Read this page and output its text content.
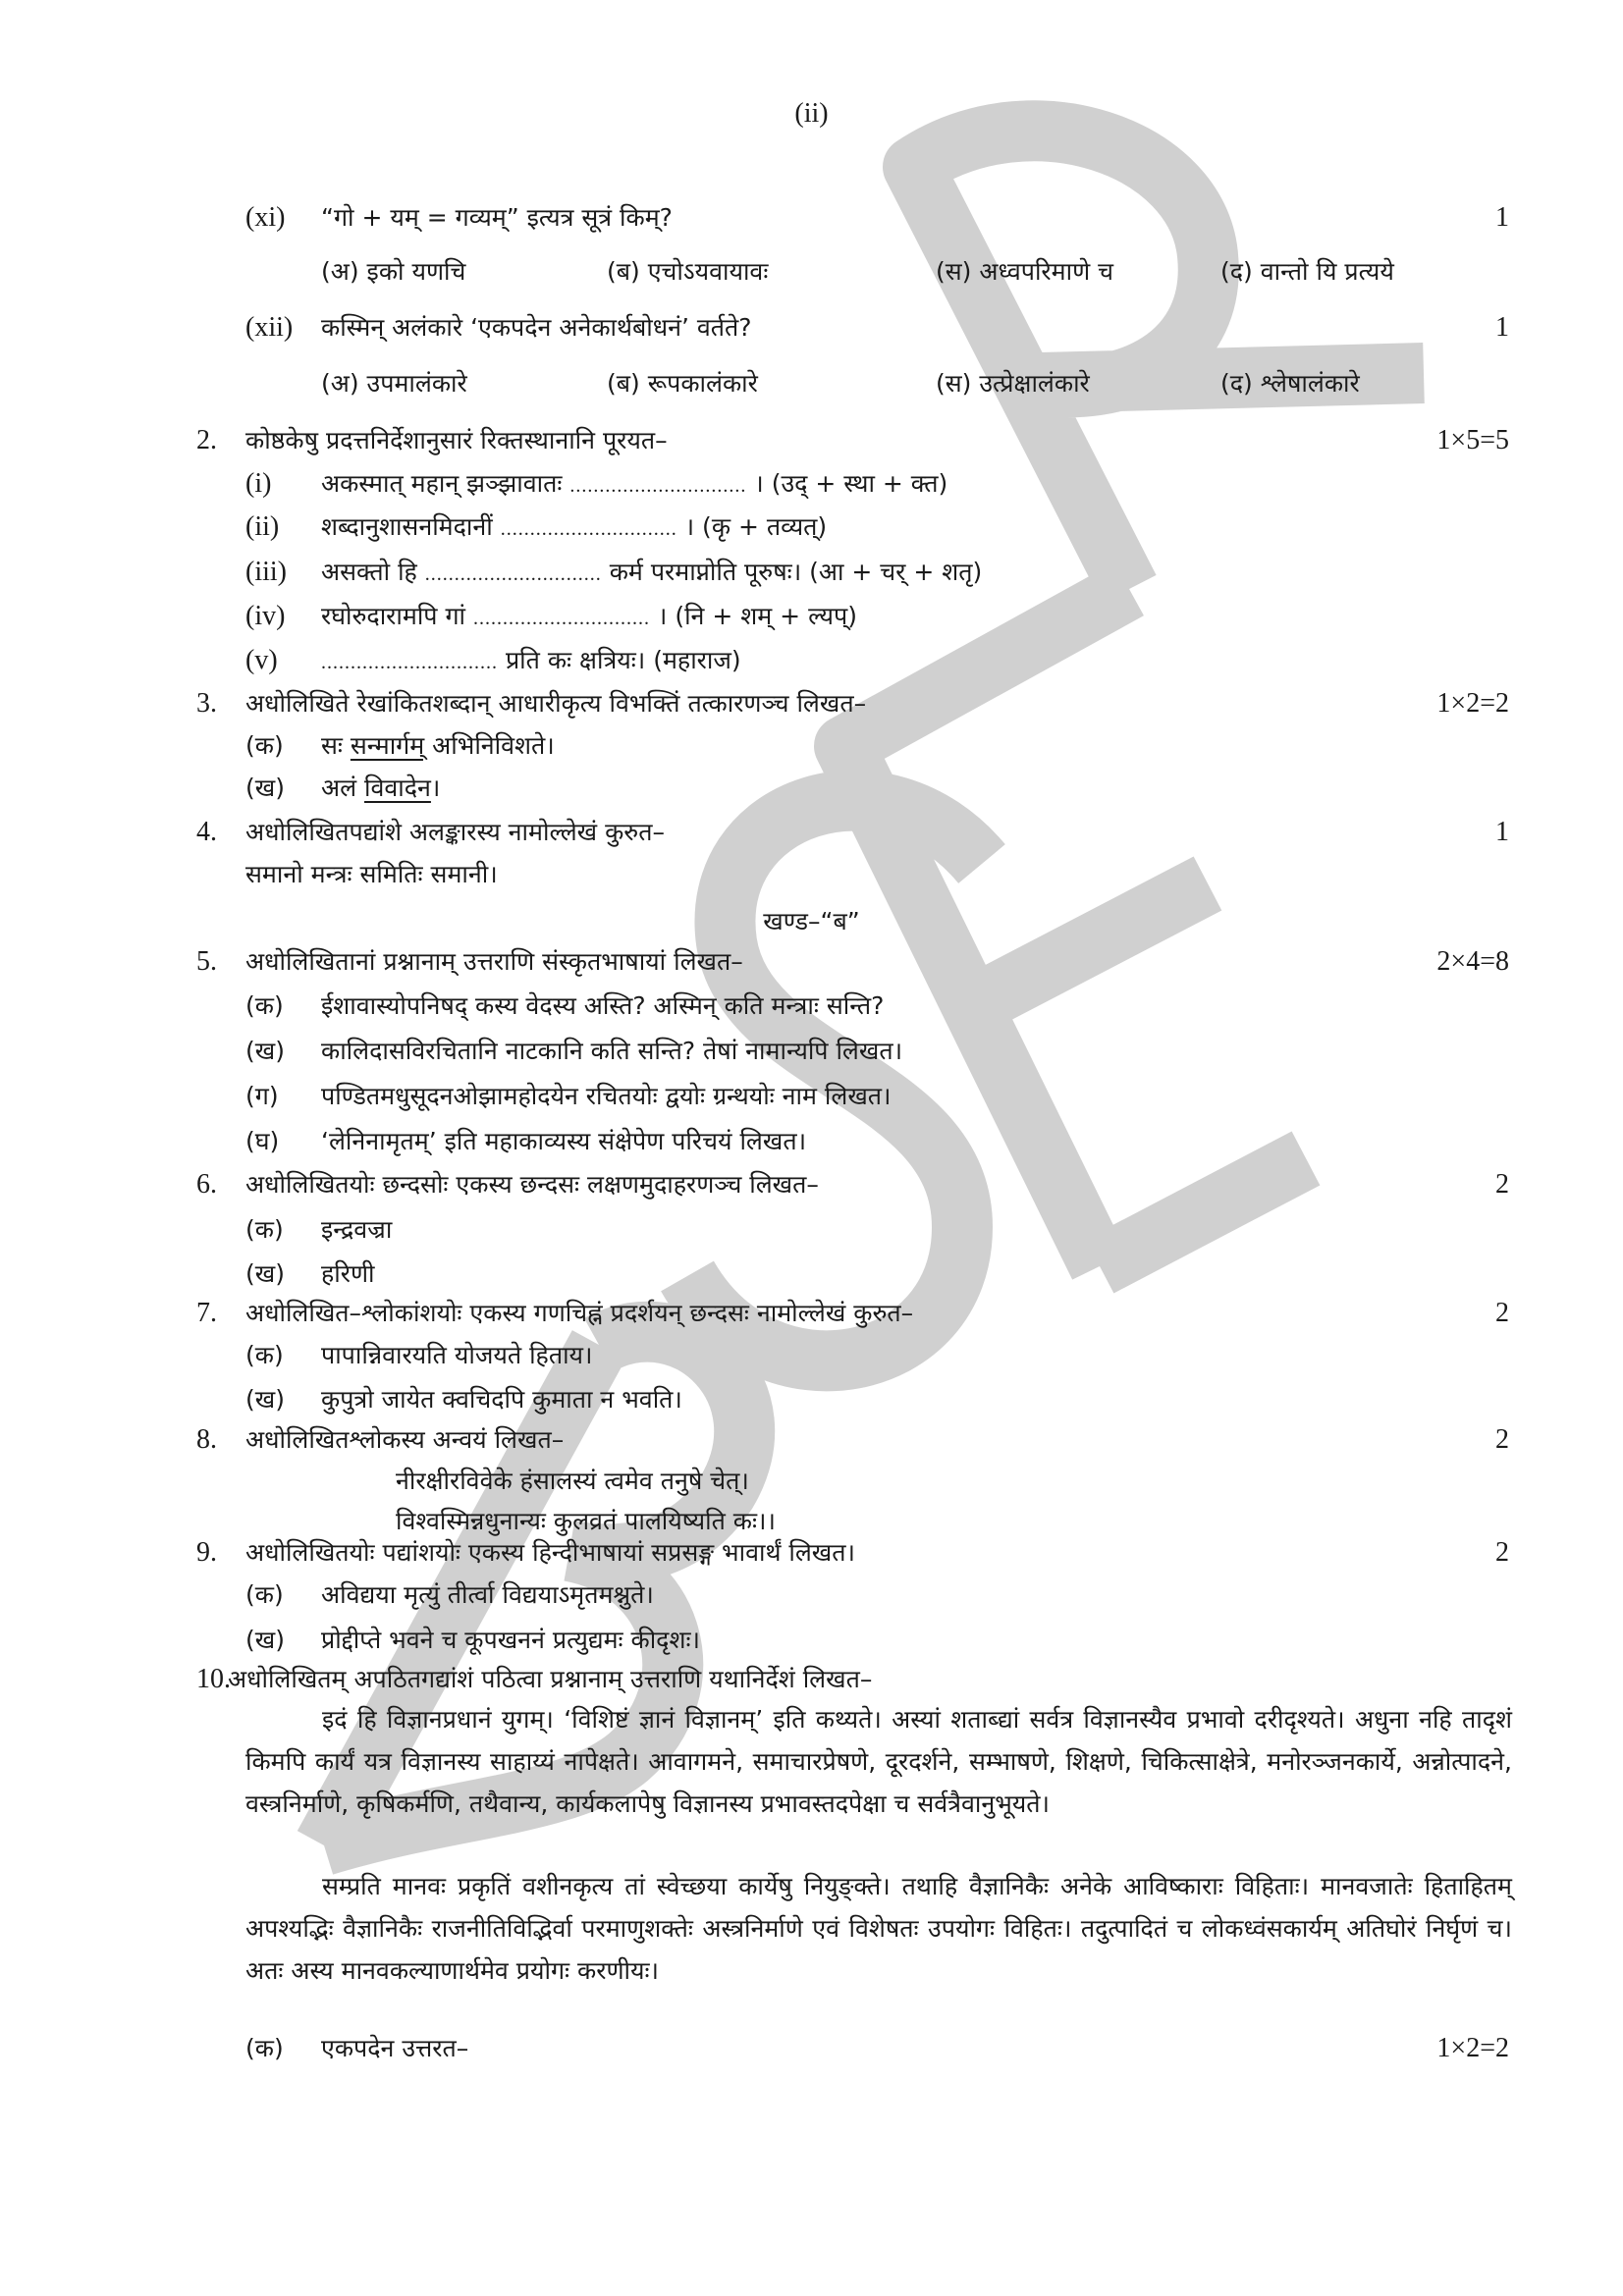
(ii)
(xi) “गो + यम् = गव्यम्” इत्यत्र सूत्रं किम्?	1
(अ) इको यणचि	(ब) एचोऽयवायावः	(स) अध्वपरिमाणे च	(द) वान्तो यि प्रत्यये
(xii) कस्मिन् अलंकारे ‘एकपदेन अनेकार्थबोधनं’ वर्तते?	1
(अ) उपमालंकारे	(ब) रूपकालंकारे	(स) उत्प्रेक्षालंकारे	(द) श्लेषालंकारे
2. कोष्ठकेषु प्रदत्तनिर्देशानुसारं रिक्तस्थानानि पूरयत–	1×5=5
(i) अकस्मात् महान् झञ्झावातः .............................. । (उद् + स्था + क्त)
(ii) शब्दानुशासनमिदानीं .............................. । (कृ + तव्यत्)
(iii) असक्तो हि .............................. कर्म परमाप्नोति पूरुषः। (आ + चर् + शतृ)
(iv) रघोरुदारामपि गां .............................. । (नि + शम् + ल्यप्)
(v) .............................. प्रति कः क्षत्रियः। (महाराज)
3. अधोलिखिते रेखांकितशब्दान् आधारीकृत्य विभक्तिं तत्कारणञ्च लिखत–	1×2=2
(क) सः सन्मार्गम् अभिनिविशते।
(ख) अलं विवादेन।
4. अधोलिखितपद्यांशे अलङ्कारस्य नामोल्लेखं कुरुत–	1
समानो मन्त्रः समितिः समानी।
खण्ड–“ब”
5. अधोलिखितानां प्रश्नानाम् उत्तराणि संस्कृतभाषायां लिखत–	2×4=8
(क) ईशावास्योपनिषद् कस्य वेदस्य अस्ति? अस्मिन् कति मन्त्राः सन्ति?
(ख) कालिदासविरचितानि नाटकानि कति सन्ति? तेषां नामान्यपि लिखत।
(ग) पण्डितमधुसूदनओझामहोदयेन रचितयोः द्वयोः ग्रन्थयोः नाम लिखत।
(घ) ‘लेनिनामृतम्’ इति महाकाव्यस्य संक्षेपेण परिचयं लिखत।
6. अधोलिखितयोः छन्दसोः एकस्य छन्दसः लक्षणमुदाहरणञ्च लिखत–	2
(क) इन्द्रवज्रा
(ख) हरिणी
7. अधोलिखित–श्लोकांशयोः एकस्य गणचिह्नं प्रदर्शयन् छन्दसः नामोल्लेखं कुरुत–	2
(क) पापान्निवारयति योजयते हिताय।
(ख) कुपुत्रो जायेत क्वचिदपि कुमाता न भवति।
8. अधोलिखितश्लोकस्य अन्वयं लिखत–	2
नीरक्षीरविवेके हंसालस्यं त्वमेव तनुषे चेत्।
विश्वस्मिन्नधुनान्यः कुलव्रतं पालयिष्यति कः।।
9. अधोलिखितयोः पद्यांशयोः एकस्य हिन्दीभाषायां सप्रसङ्ग भावार्थं लिखत।	2
(क) अविद्यया मृत्युं तीर्त्वा विद्ययाऽमृतमश्नुते।
(ख) प्रोद्दीप्ते भवने च कूपखननं प्रत्युद्यमः कीदृशः।
10.
अधोलिखितम् अपठितगद्यांशं पठित्वा प्रश्नानाम् उत्तराणि यथानिर्देशं लिखत–
इदं हि विज्ञानप्रधानं युगम्। ‘विशिष्टं ज्ञानं विज्ञानम्’ इति कथ्यते। अस्यां शताब्द्यां सर्वत्र विज्ञानस्यैव प्रभावो दरीदृश्यते। अधुना नहि तादृशं किमपि कार्यं यत्र विज्ञानस्य साहाय्यं नापेक्षते। आवागमने, समाचारप्रेषणे, दूरदर्शने, सम्भाषणे, शिक्षणे, चिकित्साक्षेत्रे, मनोरञ्जनकार्ये, अन्नोत्पादने, वस्त्रनिर्माणे, कृषिकर्मणि, तथैवान्य, कार्यकलापेषु विज्ञानस्य प्रभावस्तदपेक्षा च सर्वत्रैवानुभूयते।
सम्प्रति मानवः प्रकृतिं वशीनकृत्य तां स्वेच्छया कार्येषु नियुङ्क्ते। तथाहि वैज्ञानिकैः अनेके आविष्काराः विहिताः। मानवजातेः हिताहितम् अपश्यद्भिः वैज्ञानिकैः राजनीतिविद्भिर्वा परमाणुशक्तेः अस्त्रनिर्माणे एवं विशेषतः उपयोगः विहितः। तदुत्पादितं च लोकध्वंसकार्यम् अतिघोरं निर्घृणं च। अतः अस्य मानवकल्याणार्थमेव प्रयोगः करणीयः।
(क) एकपदेन उत्तरत–	1×2=2
